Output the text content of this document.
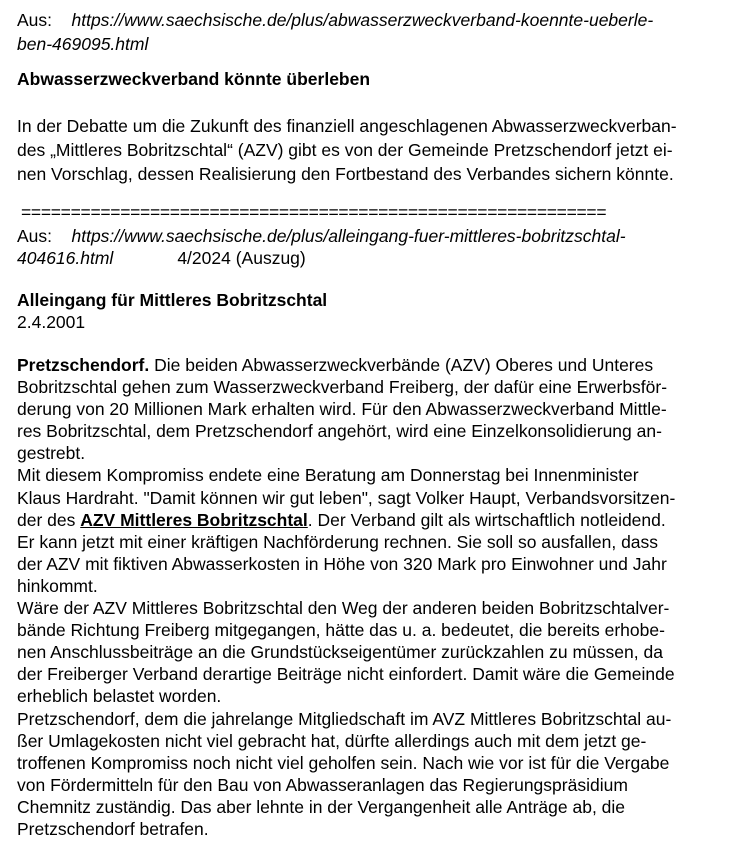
Aus: https://www.saechsische.de/plus/abwasserzweckverband-koennte-ueberle-
ben-469095.html
Abwasserzweckverband könnte überleben
In der Debatte um die Zukunft des finanziell angeschlagenen Abwasserzweckverban-
des „Mittleres Bobritzschtal“ (AZV) gibt es von der Gemeinde Pretzschendorf jetzt ei-
nen Vorschlag, dessen Realisierung den Fortbestand des Verbandes sichern könnte.
===========================================================
Aus: https://www.saechsische.de/plus/alleingang-fuer-mittleres-bobritzschtal-
404616.html	4/2024 (Auszug)
Alleingang für Mittleres Bobritzschtal
2.4.2001
Pretzschendorf. Die beiden Abwasserzweckverbände (AZV) Oberes und Unteres
Bobritzschtal gehen zum Wasserzweckverband Freiberg, der dafür eine Erwerbsför-
derung von 20 Millionen Mark erhalten wird. Für den Abwasserzweckverband Mittle-
res Bobritzschtal, dem Pretzschendorf angehört, wird eine Einzelkonsolidierung an-
gestrebt.
Mit diesem Kompromiss endete eine Beratung am Donnerstag bei Innenminister
Klaus Hardraht. "Damit können wir gut leben", sagt Volker Haupt, Verbandsvorsitzen-
der des AZV Mittleres Bobritzschtal. Der Verband gilt als wirtschaftlich notleidend.
Er kann jetzt mit einer kräftigen Nachförderung rechnen. Sie soll so ausfallen, dass
der AZV mit fiktiven Abwasserkosten in Höhe von 320 Mark pro Einwohner und Jahr
hinkommt.
Wäre der AZV Mittleres Bobritzschtal den Weg der anderen beiden Bobritzschtalver-
bände Richtung Freiberg mitgegangen, hätte das u. a. bedeutet, die bereits erhobe-
nen Anschlussbeiträge an die Grundstückseigentümer zurückzahlen zu müssen, da
der Freiberger Verband derartige Beiträge nicht einfordert. Damit wäre die Gemeinde
erheblich belastet worden.
Pretzschendorf, dem die jahrelange Mitgliedschaft im AVZ Mittleres Bobritzschtal au-
ßer Umlagekosten nicht viel gebracht hat, dürfte allerdings auch mit dem jetzt ge-
troffenen Kompromiss noch nicht viel geholfen sein. Nach wie vor ist für die Vergabe
von Fördermitteln für den Bau von Abwasseranlagen das Regierungspräsidium
Chemnitz zuständig. Das aber lehnte in der Vergangenheit alle Anträge ab, die
Pretzschendorf betrafen.
